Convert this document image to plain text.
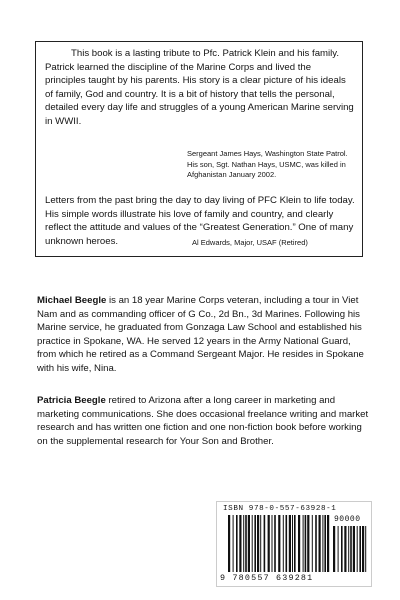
This book is a lasting tribute to Pfc. Patrick Klein and his family. Patrick learned the discipline of the Marine Corps and lived the principles taught by his parents. His story is a clear picture of his ideals of family, God and country. It is a bit of history that tells the personal, detailed every day life and struggles of a young American Marine serving in WWII.

Sergeant James Hays, Washington State Patrol. His son, Sgt. Nathan Hays, USMC, was killed in Afghanistan January 2002.

Letters from the past bring the day to day living of PFC Klein to life today. His simple words illustrate his love of family and country, and clearly reflect the attitude and values of the “Greatest Generation.” One of many unknown heroes.	Al Edwards, Major, USAF (Retired)

Michael Beegle is an 18 year Marine Corps veteran, including a tour in Viet Nam and as commanding officer of G Co., 2d Bn., 3d Marines. Following his Marine service, he graduated from Gonzaga Law School and established his practice in Spokane, WA. He served 12 years in the Army National Guard, from which he retired as a Command Sergeant Major. He resides in Spokane with his wife, Nina.

Patricia Beegle retired to Arizona after a long career in marketing and marketing communications. She does occasional freelance writing and market research and has written one fiction and one non-fiction book before working on the supplemental research for Your Son and Brother.

ISBN 978-0-557-63928-1
90000
9 780557 639281
